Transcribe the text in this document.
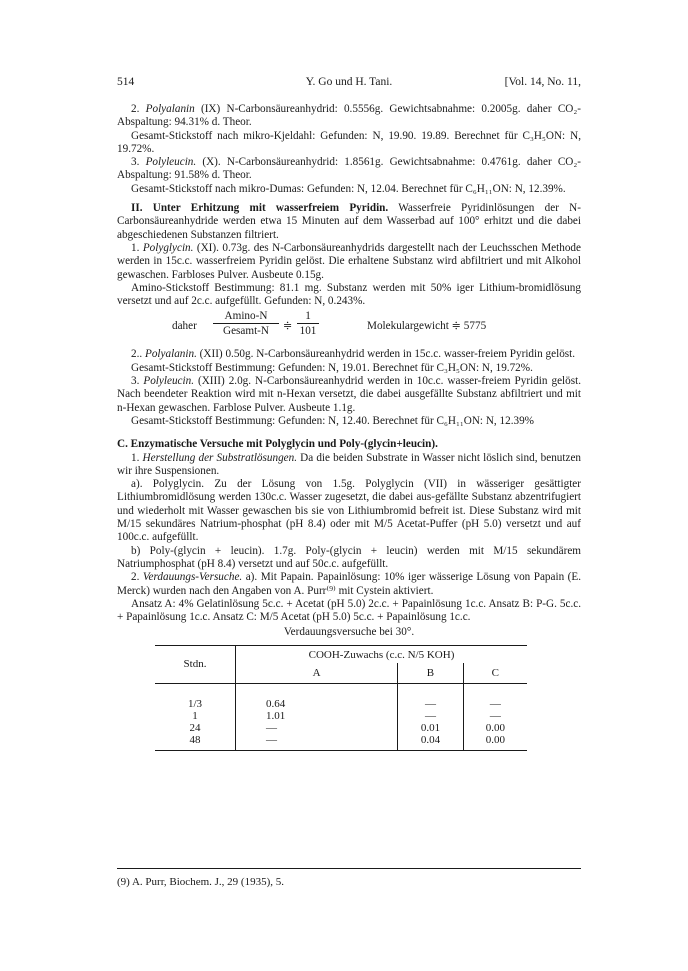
514	Y. Go und H. Tani.	[Vol. 14, No. 11,

2. Polyalanin (IX) N-Carbonsäureanhydrid: 0.5556g. Gewichtsabnahme: 0.2005g. daher CO₂-Abspaltung: 94.31% d. Theor.

Gesamt-Stickstoff nach mikro-Kjeldahl: Gefunden: N, 19.90. 19.89. Berechnet für C₃H₅ON: N, 19.72%.

3. Polyleucin. (X). N-Carbonsäureanhydrid: 1.8561g. Gewichtsabnahme: 0.4761g. daher CO₂-Abspaltung: 91.58% d. Theor.

Gesamt-Stickstoff nach mikro-Dumas: Gefunden: N, 12.04. Berechnet für C₆H₁₁ON: N, 12.39%.

II. Unter Erhitzung mit wasserfreiem Pyridin. Wasserfreie Pyridinlösungen der N-Carbonsäureanhydride werden etwa 15 Minuten auf dem Wasserbad auf 100° erhitzt und die dabei abgeschiedenen Substanzen filtriert.

1. Polyglycin. (XI). 0.73g. des N-Carbonsäureanhydrids dargestellt nach der Leuchsschen Methode werden in 15c.c. wasserfreiem Pyridin gelöst. Die erhaltene Substanz wird abfiltriert und mit Alkohol gewaschen. Farbloses Pulver. Ausbeute 0.15g.

Amino-Stickstoff Bestimmung: 81.1 mg. Substanz werden mit 50% iger Lithium-bromidlösung versetzt und auf 2c.c. aufgefüllt. Gefunden: N, 0.243%.

daher
Amino-N
Gesamt-N	≑ $\frac{1}{101}$	Molekulargewicht ≑ 5775

2.. Polyalanin. (XII) 0.50g. N-Carbonsäureanhydrid werden in 15c.c. wasser-freiem Pyridin gelöst.

Gesamt-Stickstoff Bestimmung: Gefunden: N, 19.01. Berechnet für C₃H₅ON: N, 19.72%.

3. Polyleucin. (XIII) 2.0g. N-Carbonsäureanhydrid werden in 10c.c. wasser-freiem Pyridin gelöst. Nach beendeter Reaktion wird mit n-Hexan versetzt, die dabei ausgefällte Substanz abfiltriert und mit n-Hexan gewaschen. Farblose Pulver. Ausbeute 1.1g.

Gesamt-Stickstoff Bestimmung: Gefunden: N, 12.40. Berechnet für C₆H₁₁ON: N, 12.39%

C. Enzymatische Versuche mit Polyglycin und Poly-(glycin+leucin).

1. Herstellung der Substratlösungen. Da die beiden Substrate in Wasser nicht löslich sind, benutzen wir ihre Suspensionen.

a). Polyglycin. Zu der Lösung von 1.5g. Polyglycin (VII) in wässeriger gesättigter Lithiumbromidlösung werden 130c.c. Wasser zugesetzt, die dabei aus-gefällte Substanz abzentrifugiert und wiederholt mit Wasser gewaschen bis sie von Lithiumbromid befreit ist. Diese Substanz wird mit M/15 sekundäres Natrium-phosphat (pH 8.4) oder mit M/5 Acetat-Puffer (pH 5.0) versetzt und auf 100c.c. aufgefüllt.

b) Poly-(glycin + leucin). 1.7g. Poly-(glycin + leucin) werden mit M/15 sekundärem Natriumphosphat (pH 8.4) versetzt und auf 50c.c. aufgefüllt.

2. Verdauungs-Versuche. a). Mit Papain. Papainlösung: 10% iger wässerige Lösung von Papain (E. Merck) wurden nach den Angaben von A. Purr⁽⁹⁾ mit Cystein aktiviert.

Ansatz A: 4% Gelatinlösung 5c.c. + Acetat (pH 5.0) 2c.c. + Papainlösung 1c.c. Ansatz B: P-G. 5c.c. + Papainlösung 1c.c. Ansatz C: M/5 Acetat (pH 5.0) 5c.c. + Papainlösung 1c.c.

Verdauungsversuche bei 30°.

Stdn.	COOH-Zuwachs (c.c. N/5 KOH)		
	A	B	C
1/3	0.64	—	—
1	1.01	—	—
24	—	0.01	0.00
48	—	0.04	0.00
(9) A. Purr, Biochem. J., 29 (1935), 5.
